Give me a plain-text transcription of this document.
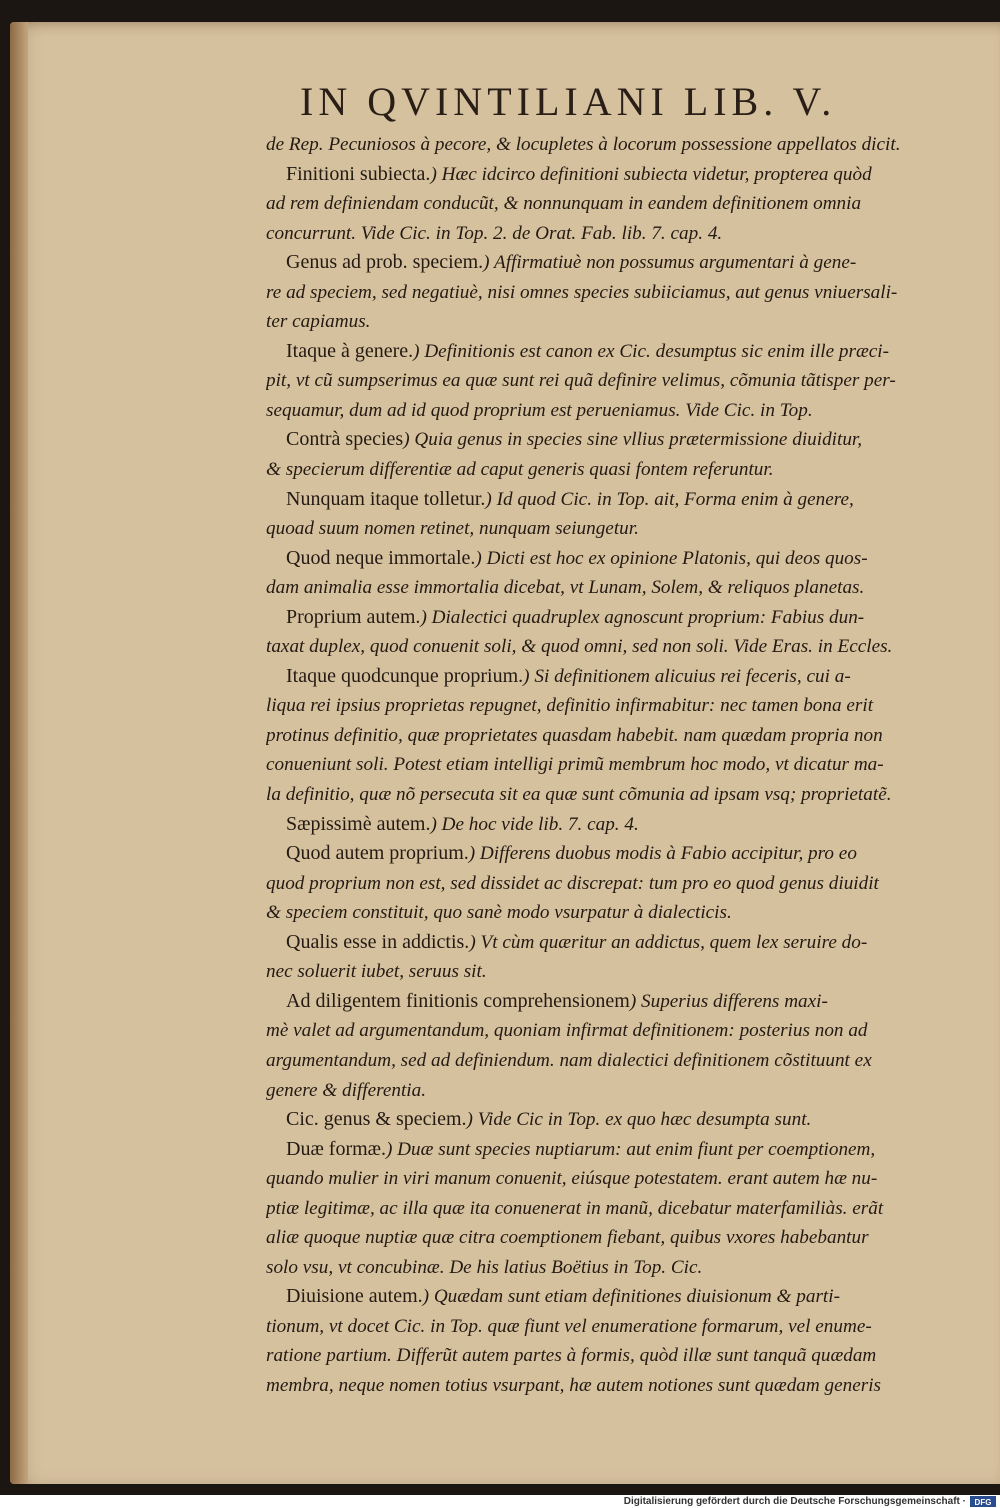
IN QVINTILIANI LIB. V.
de Rep. Pecuniosos à pecore, & locupletes à locorum possessione appellatos dicit.
Finitioni subiecta.) Hæc idcirco definitioni subiecta videtur, propterea quòd
ad rem definiendam conducũt, & nonnunquam in eandem definitionem omnia
concurrunt. Vide Cic. in Top. 2. de Orat. Fab. lib. 7. cap. 4.
Genus ad prob. speciem.) Affirmatiuè non possumus argumentari à gene-
re ad speciem, sed negatiuè, nisi omnes species subiiciamus, aut genus vniuersali-
ter capiamus.
Itaque à genere.) Definitionis est canon ex Cic. desumptus sic enim ille præci-
pit, vt cũ sumpserimus ea quæ sunt rei quã definire velimus, cõmunia tãtisper per-
sequamur, dum ad id quod proprium est perueniamus. Vide Cic. in Top.
Contrà species) Quia genus in species sine vllius prætermissione diuiditur,
& specierum differentiæ ad caput generis quasi fontem referuntur.
Nunquam itaque tolletur.) Id quod Cic. in Top. ait, Forma enim à genere,
quoad suum nomen retinet, nunquam seiungetur.
Quod neque immortale.) Dicti est hoc ex opinione Platonis, qui deos quos-
dam animalia esse immortalia dicebat, vt Lunam, Solem, & reliquos planetas.
Proprium autem.) Dialectici quadruplex agnoscunt proprium: Fabius dun-
taxat duplex, quod conuenit soli, & quod omni, sed non soli. Vide Eras. in Eccles.
Itaque quodcunque proprium.) Si definitionem alicuius rei feceris, cui a-
liqua rei ipsius proprietas repugnet, definitio infirmabitur: nec tamen bona erit
protinus definitio, quæ proprietates quasdam habebit. nam quædam propria non
conueniunt soli. Potest etiam intelligi primũ membrum hoc modo, vt dicatur ma-
la definitio, quæ nõ persecuta sit ea quæ sunt cõmunia ad ipsam vsq; proprietatẽ.
Sæpissimè autem.) De hoc vide lib. 7. cap. 4.
Quod autem proprium.) Differens duobus modis à Fabio accipitur, pro eo
quod proprium non est, sed dissidet ac discrepat: tum pro eo quod genus diuidit
& speciem constituit, quo sanè modo vsurpatur à dialecticis.
Qualis esse in addictis.) Vt cùm quæritur an addictus, quem lex seruire do-
nec soluerit iubet, seruus sit.
Ad diligentem finitionis comprehensionem) Superius differens maxi-
mè valet ad argumentandum, quoniam infirmat definitionem: posterius non ad
argumentandum, sed ad definiendum. nam dialectici definitionem cõstituunt ex
genere & differentia.
Cic. genus & speciem.) Vide Cic in Top. ex quo hæc desumpta sunt.
Duæ formæ.) Duæ sunt species nuptiarum: aut enim fiunt per coemptionem,
quando mulier in viri manum conuenit, eiúsque potestatem. erant autem hæ nu-
ptiæ legitimæ, ac illa quæ ita conuenerat in manũ, dicebatur materfamiliàs. erãt
aliæ quoque nuptiæ quæ citra coemptionem fiebant, quibus vxores habebantur
solo vsu, vt concubinæ. De his latius Boëtius in Top. Cic.
Diuisione autem.) Quædam sunt etiam definitiones diuisionum & parti-
tionum, vt docet Cic. in Top. quæ fiunt vel enumeratione formarum, vel enume-
ratione partium. Differũt autem partes à formis, quòd illæ sunt tanquã quædam
membra, neque nomen totius vsurpant, hæ autem notiones sunt quædam generis
Digitalisierung gefördert durch die Deutsche Forschungsgemeinschaft ·	DFG
